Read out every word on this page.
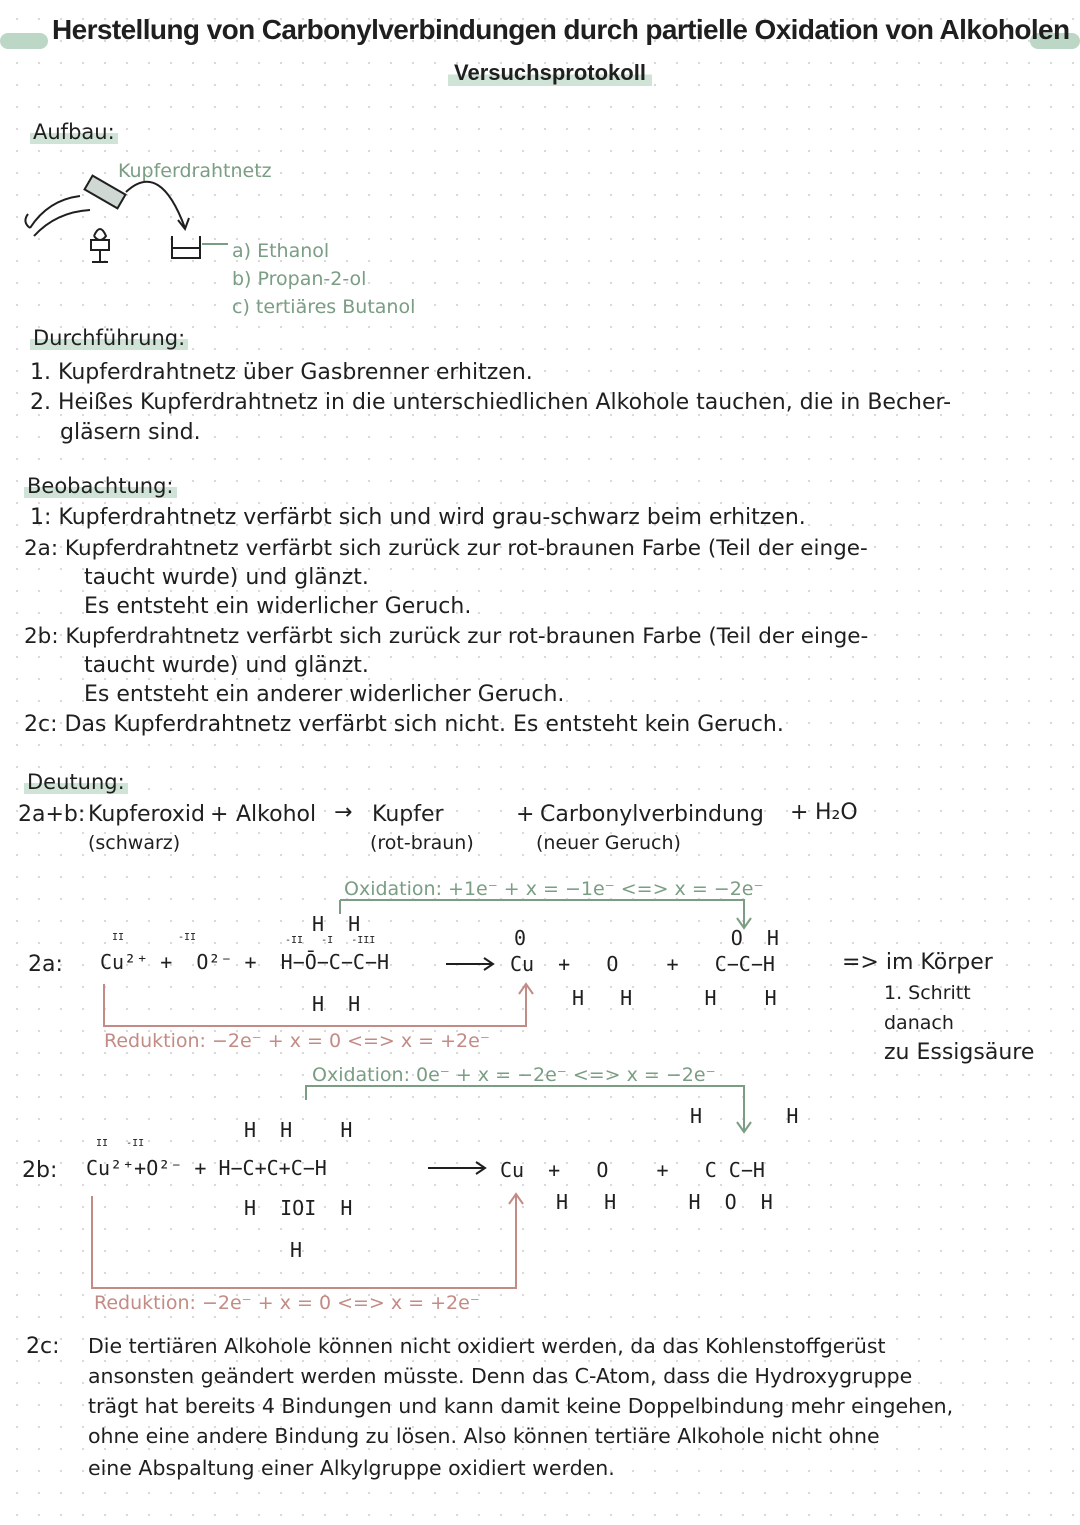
Herstellung von Carbonylverbindungen durch partielle Oxidation von Alkoholen
Versuchsprotokoll
Aufbau:
Kupferdrahtnetz
a) Ethanol
b) Propan-2-ol
c) tertiäres Butanol
Durchführung:
1. Kupferdrahtnetz über Gasbrenner erhitzen.
2. Heißes Kupferdrahtnetz in die unterschiedlichen Alkohole tauchen, die in Becher-
gläsern sind.
Beobachtung:
1: Kupferdrahtnetz verfärbt sich und wird grau-schwarz beim erhitzen.
2a: Kupferdrahtnetz verfärbt sich zurück zur rot-braunen Farbe (Teil der einge-
taucht wurde) und glänzt.
Es entsteht ein widerlicher Geruch.
2b: Kupferdrahtnetz verfärbt sich zurück zur rot-braunen Farbe (Teil der einge-
taucht wurde) und glänzt.
Es entsteht ein anderer widerlicher Geruch.
2c: Das Kupferdrahtnetz verfärbt sich nicht. Es entsteht kein Geruch.
Deutung:
2a+b: Kupferoxid
(schwarz)
+ Alkohol → Kupfer
(rot-braun)
+ Carbonylverbindung
(neuer Geruch)
+ H₂O
Oxidation: +1e⁻ + x = −1e⁻ <=> x = −2e⁻
2a: Cu²⁺ +  O²⁻ +  H−Ō−C−C−H
II	-II	-II   -I   -III
H  H
H  H
Cu  +   O    +   C−C−H
H   H      H    H
0                 O  H
=> im Körper
1. Schritt
danach
zu Essigsäure
Reduktion: −2e⁻ + x = 0 <=> x = +2e⁻
Oxidation: 0e⁻ + x = −2e⁻ <=> x = −2e⁻
2b: Cu²⁺+O²⁻ + H−C+C+C−H
II   -II
H  H    H
H  IOI  H
H
Cu  +   O    +   C C−H
H   H      H  O  H
H       H
Reduktion: −2e⁻ + x = 0 <=> x = +2e⁻
2c: Die tertiären Alkohole können nicht oxidiert werden, da das Kohlenstoffgerüst
ansonsten geändert werden müsste. Denn das C-Atom, dass die Hydroxygruppe
trägt hat bereits 4 Bindungen und kann damit keine Doppelbindung mehr eingehen,
ohne eine andere Bindung zu lösen. Also können tertiäre Alkohole nicht ohne
eine Abspaltung einer Alkylgruppe oxidiert werden.
